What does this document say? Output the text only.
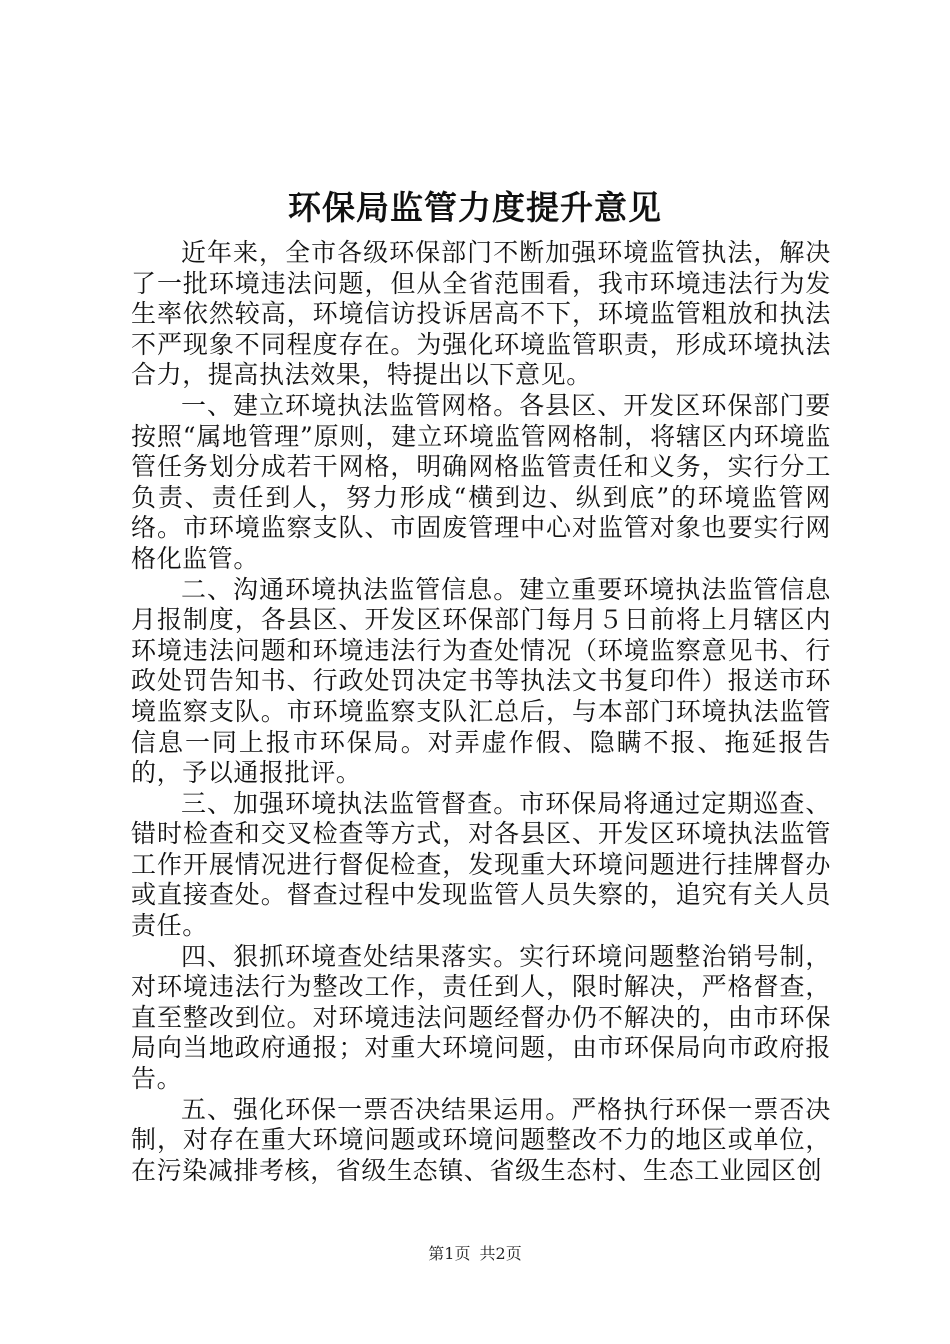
环保局监管力度提升意见

近年来，全市各级环保部门不断加强环境监管执法，解决了一批环境违法问题，但从全省范围看，我市环境违法行为发生率依然较高，环境信访投诉居高不下，环境监管粗放和执法不严现象不同程度存在。为强化环境监管职责，形成环境执法合力，提高执法效果，特提出以下意见。

一、建立环境执法监管网格。各县区、开发区环保部门要按照“属地管理”原则，建立环境监管网格制，将辖区内环境监管任务划分成若干网格，明确网格监管责任和义务，实行分工负责、责任到人，努力形成“横到边、纵到底”的环境监管网络。市环境监察支队、市固废管理中心对监管对象也要实行网格化监管。

二、沟通环境执法监管信息。建立重要环境执法监管信息月报制度，各县区、开发区环保部门每月５日前将上月辖区内环境违法问题和环境违法行为查处情况（环境监察意见书、行政处罚告知书、行政处罚决定书等执法文书复印件）报送市环境监察支队。市环境监察支队汇总后，与本部门环境执法监管信息一同上报市环保局。对弄虚作假、隐瞒不报、拖延报告的，予以通报批评。

三、加强环境执法监管督查。市环保局将通过定期巡查、错时检查和交叉检查等方式，对各县区、开发区环境执法监管工作开展情况进行督促检查，发现重大环境问题进行挂牌督办或直接查处。督查过程中发现监管人员失察的，追究有关人员责任。

四、狠抓环境查处结果落实。实行环境问题整治销号制，对环境违法行为整改工作，责任到人，限时解决，严格督查，直至整改到位。对环境违法问题经督办仍不解决的，由市环保局向当地政府通报；对重大环境问题，由市环保局向市政府报告。

五、强化环保一票否决结果运用。严格执行环保一票否决制，对存在重大环境问题或环境问题整改不力的地区或单位，在污染减排考核，省级生态镇、省级生态村、生态工业园区创

第1页 共2页
